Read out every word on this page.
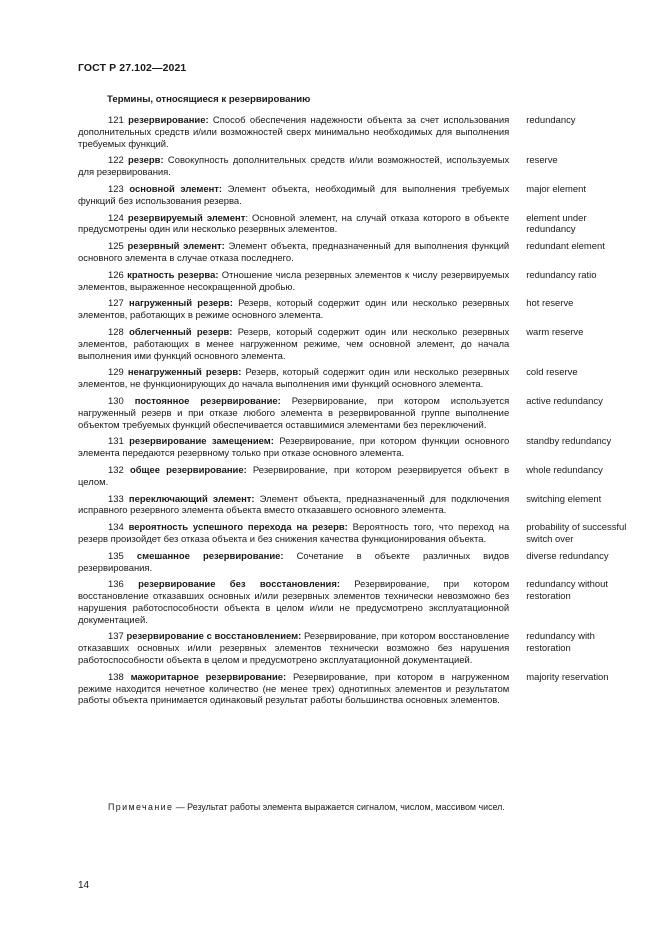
ГОСТ Р 27.102—2021
Термины, относящиеся к резервированию
121 резервирование: Способ обеспечения надежности объекта за счет использования дополнительных средств и/или возможностей сверх минимально необходимых для выполнения требуемых функций.
redundancy
122 резерв: Совокупность дополнительных средств и/или возможностей, используемых для резервирования.
reserve
123 основной элемент: Элемент объекта, необходимый для выполнения требуемых функций без использования резерва.
major element
124 резервируемый элемент: Основной элемент, на случай отказа которого в объекте предусмотрены один или несколько резервных элементов.
element under redundancy
125 резервный элемент: Элемент объекта, предназначенный для выполнения функций основного элемента в случае отказа последнего.
redundant element
126 кратность резерва: Отношение числа резервных элементов к числу резервируемых элементов, выраженное несокращенной дробью.
redundancy ratio
127 нагруженный резерв: Резерв, который содержит один или несколько резервных элементов, работающих в режиме основного элемента.
hot reserve
128 облегченный резерв: Резерв, который содержит один или несколько резервных элементов, работающих в менее нагруженном режиме, чем основной элемент, до начала выполнения ими функций основного элемента.
warm reserve
129 ненагруженный резерв: Резерв, который содержит один или несколько резервных элементов, не функционирующих до начала выполнения ими функций основного элемента.
cold reserve
130 постоянное резервирование: Резервирование, при котором используется нагруженный резерв и при отказе любого элемента в резервированной группе выполнение объектом требуемых функций обеспечивается оставшимися элементами без переключений.
active redundancy
131 резервирование замещением: Резервирование, при котором функции основного элемента передаются резервному только при отказе основного элемента.
standby redundancy
132 общее резервирование: Резервирование, при котором резервируется объект в целом.
whole redundancy
133 переключающий элемент: Элемент объекта, предназначенный для подключения исправного резервного элемента объекта вместо отказавшего основного элемента.
switching element
134 вероятность успешного перехода на резерв: Вероятность того, что переход на резерв произойдет без отказа объекта и без снижения качества функционирования объекта.
probability of successful switch over
135 смешанное резервирование: Сочетание в объекте различных видов резервирования.
diverse redundancy
136 резервирование без восстановления: Резервирование, при котором восстановление отказавших основных и/или резервных элементов технически невозможно без нарушения работоспособности объекта в целом и/или не предусмотрено эксплуатационной документацией.
redundancy without restoration
137 резервирование с восстановлением: Резервирование, при котором восстановление отказавших основных и/или резервных элементов технически возможно без нарушения работоспособности объекта в целом и предусмотрено эксплуатационной документацией.
redundancy with restoration
138 мажоритарное резервирование: Резервирование, при котором в нагруженном режиме находится нечетное количество (не менее трех) однотипных элементов и результатом работы объекта принимается одинаковый результат работы большинства основных элементов.
majority reservation
Примечание — Результат работы элемента выражается сигналом, числом, массивом чисел.
14
